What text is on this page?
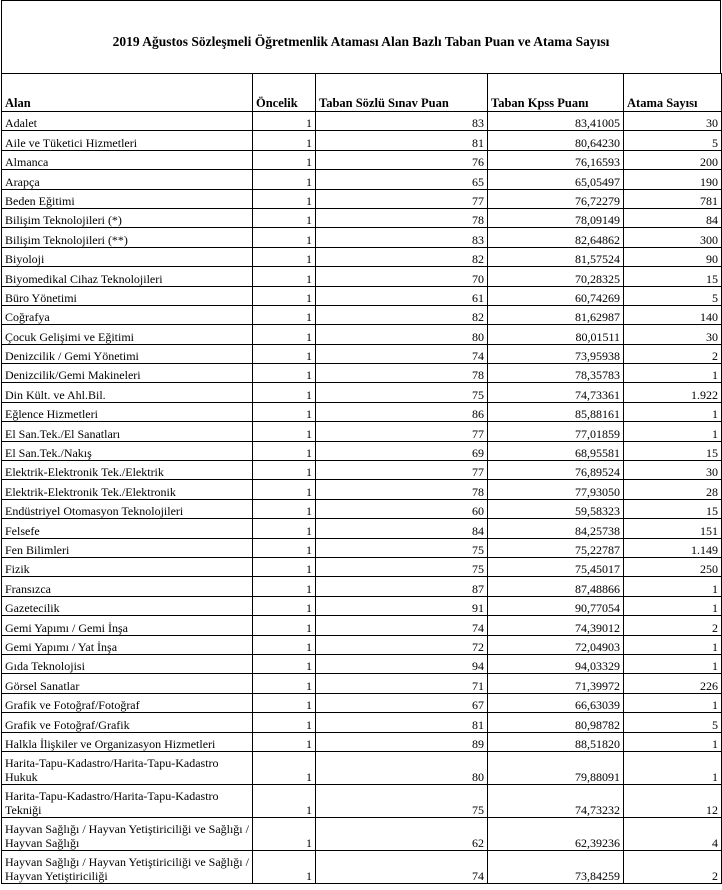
2019 Ağustos Sözleşmeli Öğretmenlik Ataması Alan Bazlı Taban Puan ve Atama Sayısı
Alan	Öncelik	Taban Sözlü Sınav Puan	Taban Kpss Puanı	Atama Sayısı
Adalet	1	83	83,41005	30
Aile ve Tüketici Hizmetleri	1	81	80,64230	5
Almanca	1	76	76,16593	200
Arapça	1	65	65,05497	190
Beden Eğitimi	1	77	76,72279	781
Bilişim Teknolojileri (*)	1	78	78,09149	84
Bilişim Teknolojileri (**)	1	83	82,64862	300
Biyoloji	1	82	81,57524	90
Biyomedikal Cihaz Teknolojileri	1	70	70,28325	15
Büro Yönetimi	1	61	60,74269	5
Coğrafya	1	82	81,62987	140
Çocuk Gelişimi ve Eğitimi	1	80	80,01511	30
Denizcilik / Gemi Yönetimi	1	74	73,95938	2
Denizcilik/Gemi Makineleri	1	78	78,35783	1
Din Kült. ve Ahl.Bil.	1	75	74,73361	1.922
Eğlence Hizmetleri	1	86	85,88161	1
El San.Tek./El Sanatları	1	77	77,01859	1
El San.Tek./Nakış	1	69	68,95581	15
Elektrik-Elektronik Tek./Elektrik	1	77	76,89524	30
Elektrik-Elektronik Tek./Elektronik	1	78	77,93050	28
Endüstriyel Otomasyon Teknolojileri	1	60	59,58323	15
Felsefe	1	84	84,25738	151
Fen Bilimleri	1	75	75,22787	1.149
Fizik	1	75	75,45017	250
Fransızca	1	87	87,48866	1
Gazetecilik	1	91	90,77054	1
Gemi Yapımı / Gemi İnşa	1	74	74,39012	2
Gemi Yapımı / Yat İnşa	1	72	72,04903	1
Gıda Teknolojisi	1	94	94,03329	1
Görsel Sanatlar	1	71	71,39972	226
Grafik ve Fotoğraf/Fotoğraf	1	67	66,63039	1
Grafik ve Fotoğraf/Grafik	1	81	80,98782	5
Halkla İlişkiler ve Organizasyon Hizmetleri	1	89	88,51820	1
Harita-Tapu-Kadastro/Harita-Tapu-Kadastro Hukuk	1	80	79,88091	1
Harita-Tapu-Kadastro/Harita-Tapu-Kadastro Tekniği	1	75	74,73232	12
Hayvan Sağlığı / Hayvan Yetiştiriciliği ve Sağlığı / Hayvan Sağlığı	1	62	62,39236	4
Hayvan Sağlığı / Hayvan Yetiştiriciliği ve Sağlığı / Hayvan Yetiştiriciliği	1	74	73,84259	2
